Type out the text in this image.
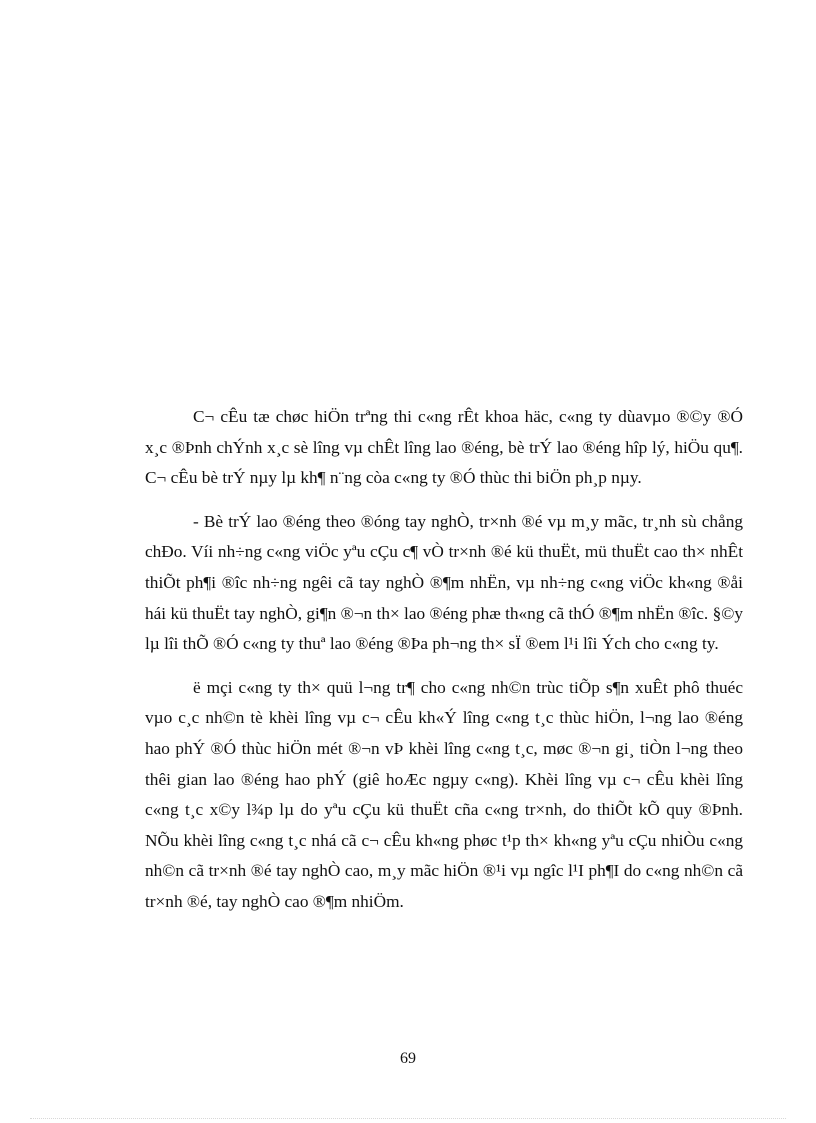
C¬ cÊu tæ chøc hiÖn trªng thi c«ng rÊt khoa häc, c«ng ty dùavµo ®©y ®Ó x¸c ®Þnh chÝnh x¸c sè lîng vµ chÊt lîng lao ®éng, bè trÝ lao ®éng hîp lý, hiÖu qu¶. C¬ cÊu bè trÝ nµy lµ kh¶ n¨ng còa c«ng ty ®Ó thùc thi biÖn ph¸p nµy.

- Bè trÝ lao ®éng theo ®óng tay nghÒ, tr×nh ®é vµ m¸y mãc, tr¸nh sù chång chÐo. Víi nh÷ng c«ng viÖc yªu cÇu c¶ vÒ tr×nh ®é kü thuËt, mü thuËt cao th× nhÊt thiÕt ph¶i ®îc nh÷ng ngêi cã tay nghÒ ®¶m nhËn, vµ nh÷ng c«ng viÖc kh«ng ®åi hái kü thuËt tay nghÒ, gi¶n ®¬n th× lao ®éng phæ th«ng cã thÓ ®¶m nhËn ®îc. §©y lµ lîi thÕ ®Ó c«ng ty thuª lao ®éng ®Þa ph¬ng th× sÏ ®em l¹i lîi Ých cho c«ng ty.

ë mçi c«ng ty th× quü l¬ng tr¶ cho c«ng nh©n trùc tiÕp s¶n xuÊt phô thuéc vµo c¸c nh©n tè khèi lîng vµ c¬ cÊu kh«Ý lîng c«ng t¸c thùc hiÖn, l¬ng lao ®éng hao phÝ ®Ó thùc hiÖn mét ®¬n vÞ khèi lîng c«ng t¸c, møc ®¬n gi¸ tiÒn l¬ng theo thêi gian lao ®éng hao phÝ (giê hoÆc ngµy c«ng). Khèi lîng vµ c¬ cÊu khèi lîng c«ng t¸c x©y l¾p lµ do yªu cÇu kü thuËt cña c«ng tr×nh, do thiÕt kÕ quy ®Þnh. NÕu khèi lîng c«ng t¸c nhá cã c¬ cÊu kh«ng phøc t¹p th× kh«ng yªu cÇu nhiÒu c«ng nh©n cã tr×nh ®é tay nghÒ cao, m¸y mãc hiÖn ®¹i vµ ngîc l¹I ph¶I do c«ng nh©n cã tr×nh ®é, tay nghÒ cao ®¶m nhiÖm.

69
